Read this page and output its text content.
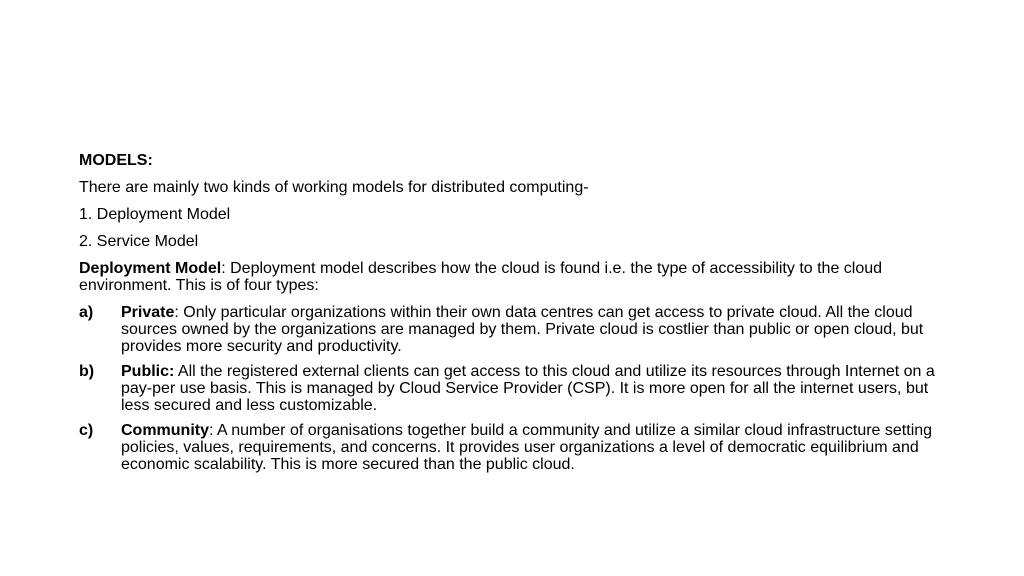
MODELS:

There are mainly two kinds of working models for distributed computing-

1. Deployment Model

2. Service Model

Deployment Model: Deployment model describes how the cloud is found i.e. the type of accessibility to the cloud environment. This is of four types:

a)	Private: Only particular organizations within their own data centres can get access to private cloud. All the cloud sources owned by the organizations are managed by them. Private cloud is costlier than public or open cloud, but provides more security and productivity.
b)	Public: All the registered external clients can get access to this cloud and utilize its resources through Internet on a pay-per use basis. This is managed by Cloud Service Provider (CSP). It is more open for all the internet users, but less secured and less customizable.
c)	Community: A number of organisations together build a community and utilize a similar cloud infrastructure setting policies, values, requirements, and concerns. It provides user organizations a level of democratic equilibrium and economic scalability. This is more secured than the public cloud.
